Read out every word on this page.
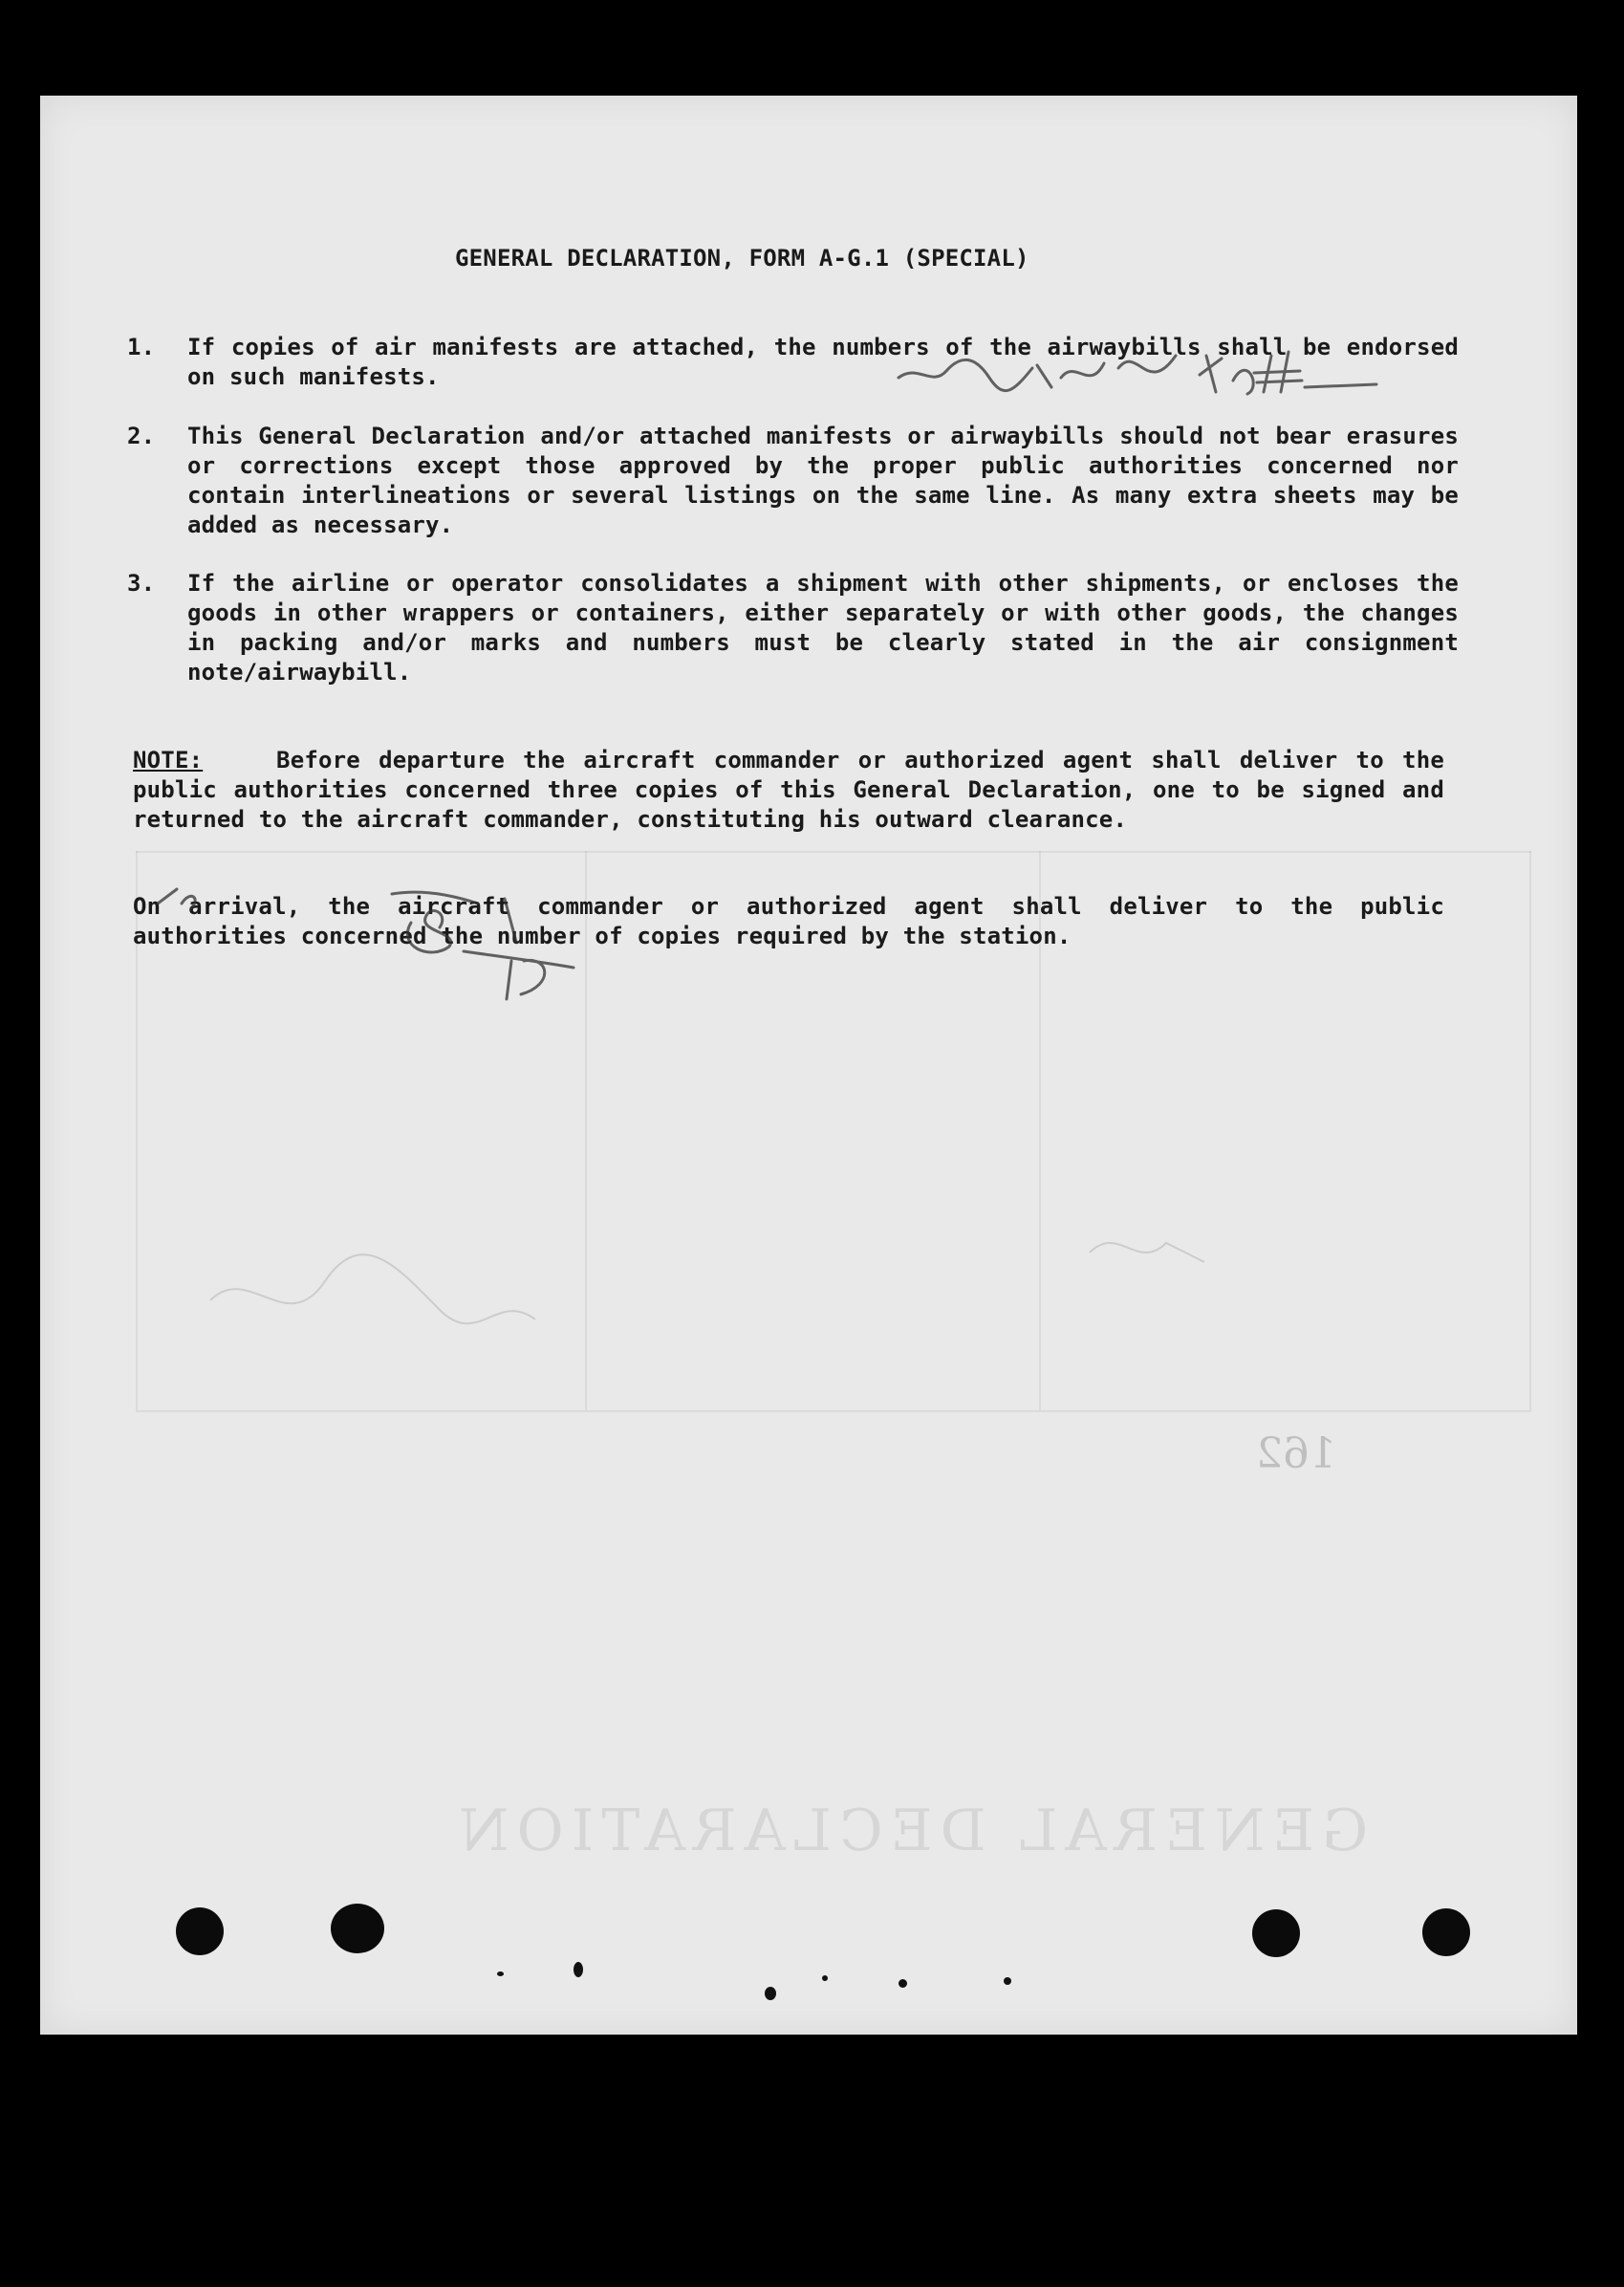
162
GENERAL DECLARATION
GENERAL DECLARATION, FORM A-G.1 (SPECIAL)
1. If copies of air manifests are attached, the numbers of the airwaybills shall be endorsed on such manifests.
2. This General Declaration and/or attached manifests or airwaybills should not bear erasures or corrections except those approved by the proper public authorities concerned nor contain interlineations or several listings on the same line. As many extra sheets may be added as necessary.
3. If the airline or operator consolidates a shipment with other shipments, or encloses the goods in other wrappers or containers, either separately or with other goods, the changes in packing and/or marks and numbers must be clearly stated in the air consignment note/airwaybill.
NOTE:	Before departure the aircraft commander or authorized agent shall deliver to the public authorities concerned three copies of this General Declaration, one to be signed and returned to the aircraft commander, constituting his outward clearance.
On arrival, the aircraft commander or authorized agent shall deliver to the public authorities concerned the number of copies required by the station.
